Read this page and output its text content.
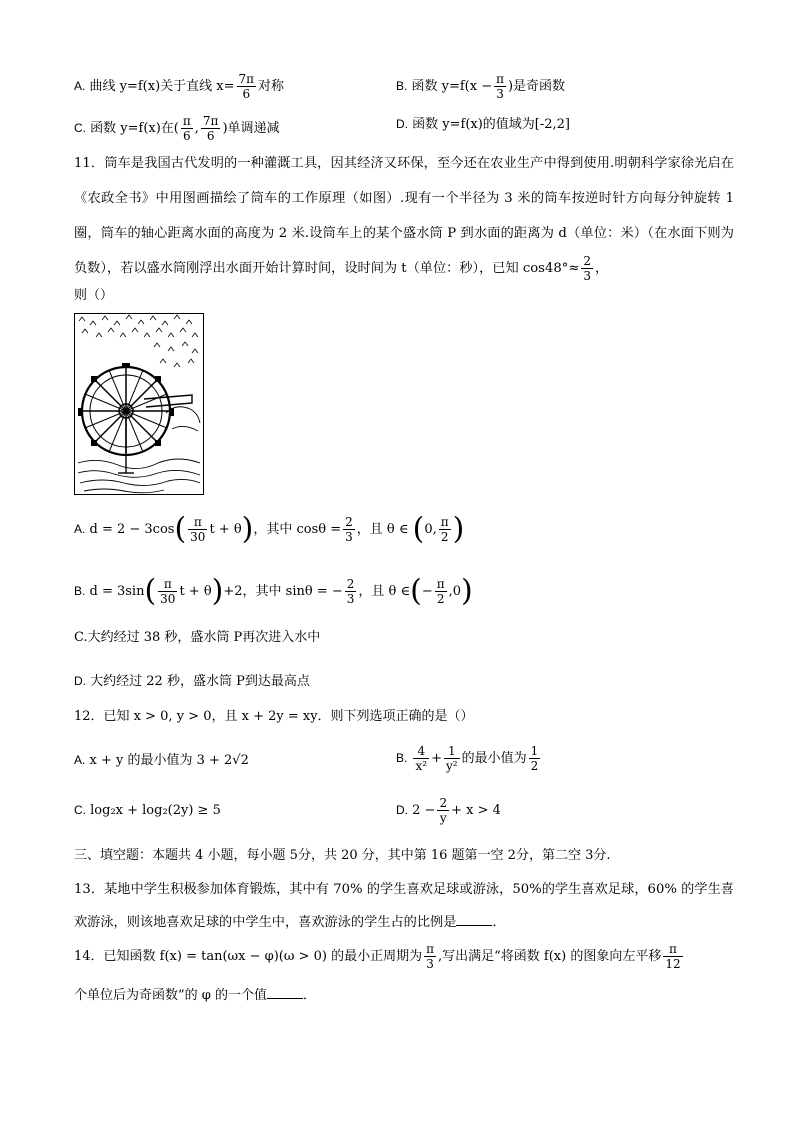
A. 曲线 y=f(x)关于直线 $x= \frac{7\pi}{6}$ 对称	B. 函数 $y=f(x - \frac{\pi}{3}$ )是奇函数
C. 函数 y=f(x)在( $\frac{\pi}{6}$ , $\frac{7\pi}{6}$ )单调递减	D. 函数 y=f(x)的值域为[-2,2]
11．筒车是我国古代发明的一种灌溉工具，因其经济又环保，至今还在农业生产中得到使用.明朝科学家徐光启在《农政全书》中用图画描绘了筒车的工作原理（如图）.现有一个半径为 3 米的筒车按逆时针方向每分钟旋转 1 圈，筒车的轴心距离水面的高度为 2 米.设筒车上的某个盛水筒 P 到水面的距离为 d（单位：米）（在水面下则为负数），若以盛水筒刚浮出水面开始计算时间，设时间为 t（单位：秒），已知 $\cos 48^\circ\approx \frac{2}{3}$ ，
则（）
A. $d = 2 - 3\cos( \frac{\pi}{30}$ t + θ)，其中 $\cos\theta = \frac{2}{3}$ ，且 θ ∈ (0, $\frac{\pi}{2}$ )
B. $d = 3\sin( \frac{\pi}{30}$ t + θ)+2，其中 sinθ = − $\frac{2}{3}$ ，且 θ ∈(− $\frac{\pi}{2} ,0$)
C.大约经过 38 秒，盛水筒 P再次进入水中
D. 大约经过 22 秒，盛水筒 P到达最高点
12．已知 x > 0, y > 0，且 x + 2y = xy．则下列选项正确的是（）
A. x + y 的最小值为 3 + 2√2	B. $\frac{4}{\text{x²}} + \frac{1}{\text{y²}}$ 的最小值为 $\frac{1}{2}$
C. log₂x + log₂(2y) ≥ 5	D. $2 - \frac{2}{y} + x > 4$
三、填空题：本题共 4 小题，每小题 5分，共 20 分，其中第 16 题第一空 2分，第二空 3分.
13．某地中学生积极参加体育锻炼，其中有 70% 的学生喜欢足球或游泳，50%的学生喜欢足球，60% 的学生喜欢游泳，则该地喜欢足球的中学生中，喜欢游泳的学生占的比例是	．
14．已知函数 f(x) = tan(ωx − φ)(ω > 0) 的最小正周期为 $\frac{\pi}{3}$ ,写出满足“将函数 f(x) 的图象向左平移 $\frac{\pi}{12}$
个单位后为奇函数”的 φ 的一个值	．
